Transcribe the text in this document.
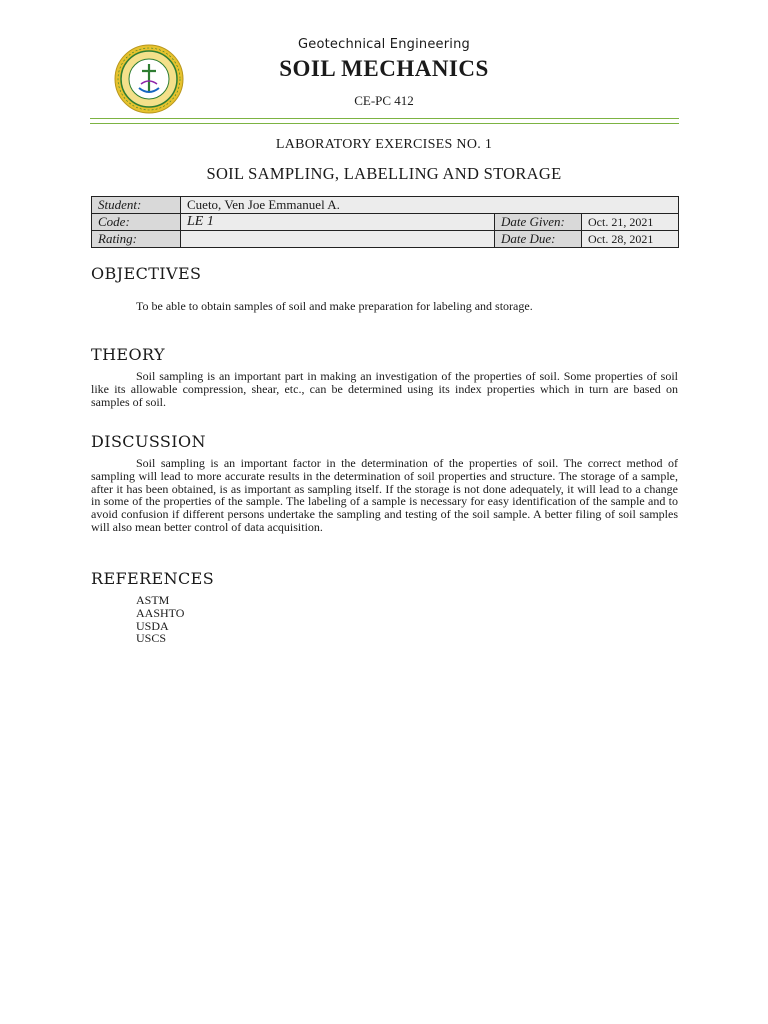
Geotechnical Engineering
SOIL MECHANICS
CE-PC 412
LABORATORY EXERCISES NO. 1
SOIL SAMPLING, LABELLING AND STORAGE
Student:	Cueto, Ven Joe Emmanuel A.		
Code:	LE 1	Date Given:	Oct. 21, 2021
Rating:		Date Due:	Oct. 28, 2021
OBJECTIVES
To be able to obtain samples of soil and make preparation for labeling and storage.
THEORY
Soil sampling is an important part in making an investigation of the properties of soil. Some properties of soil like its allowable compression, shear, etc., can be determined using its index properties which in turn are based on samples of soil.
DISCUSSION
Soil sampling is an important factor in the determination of the properties of soil. The correct method of sampling will lead to more accurate results in the determination of soil properties and structure. The storage of a sample, after it has been obtained, is as important as sampling itself. If the storage is not done adequately, it will lead to a change in some of the properties of the sample. The labeling of a sample is necessary for easy identification of the sample and to avoid confusion if different persons undertake the sampling and testing of the soil sample. A better filing of soil samples will also mean better control of data acquisition.
REFERENCES
ASTM
AASHTO
USDA
USCS
